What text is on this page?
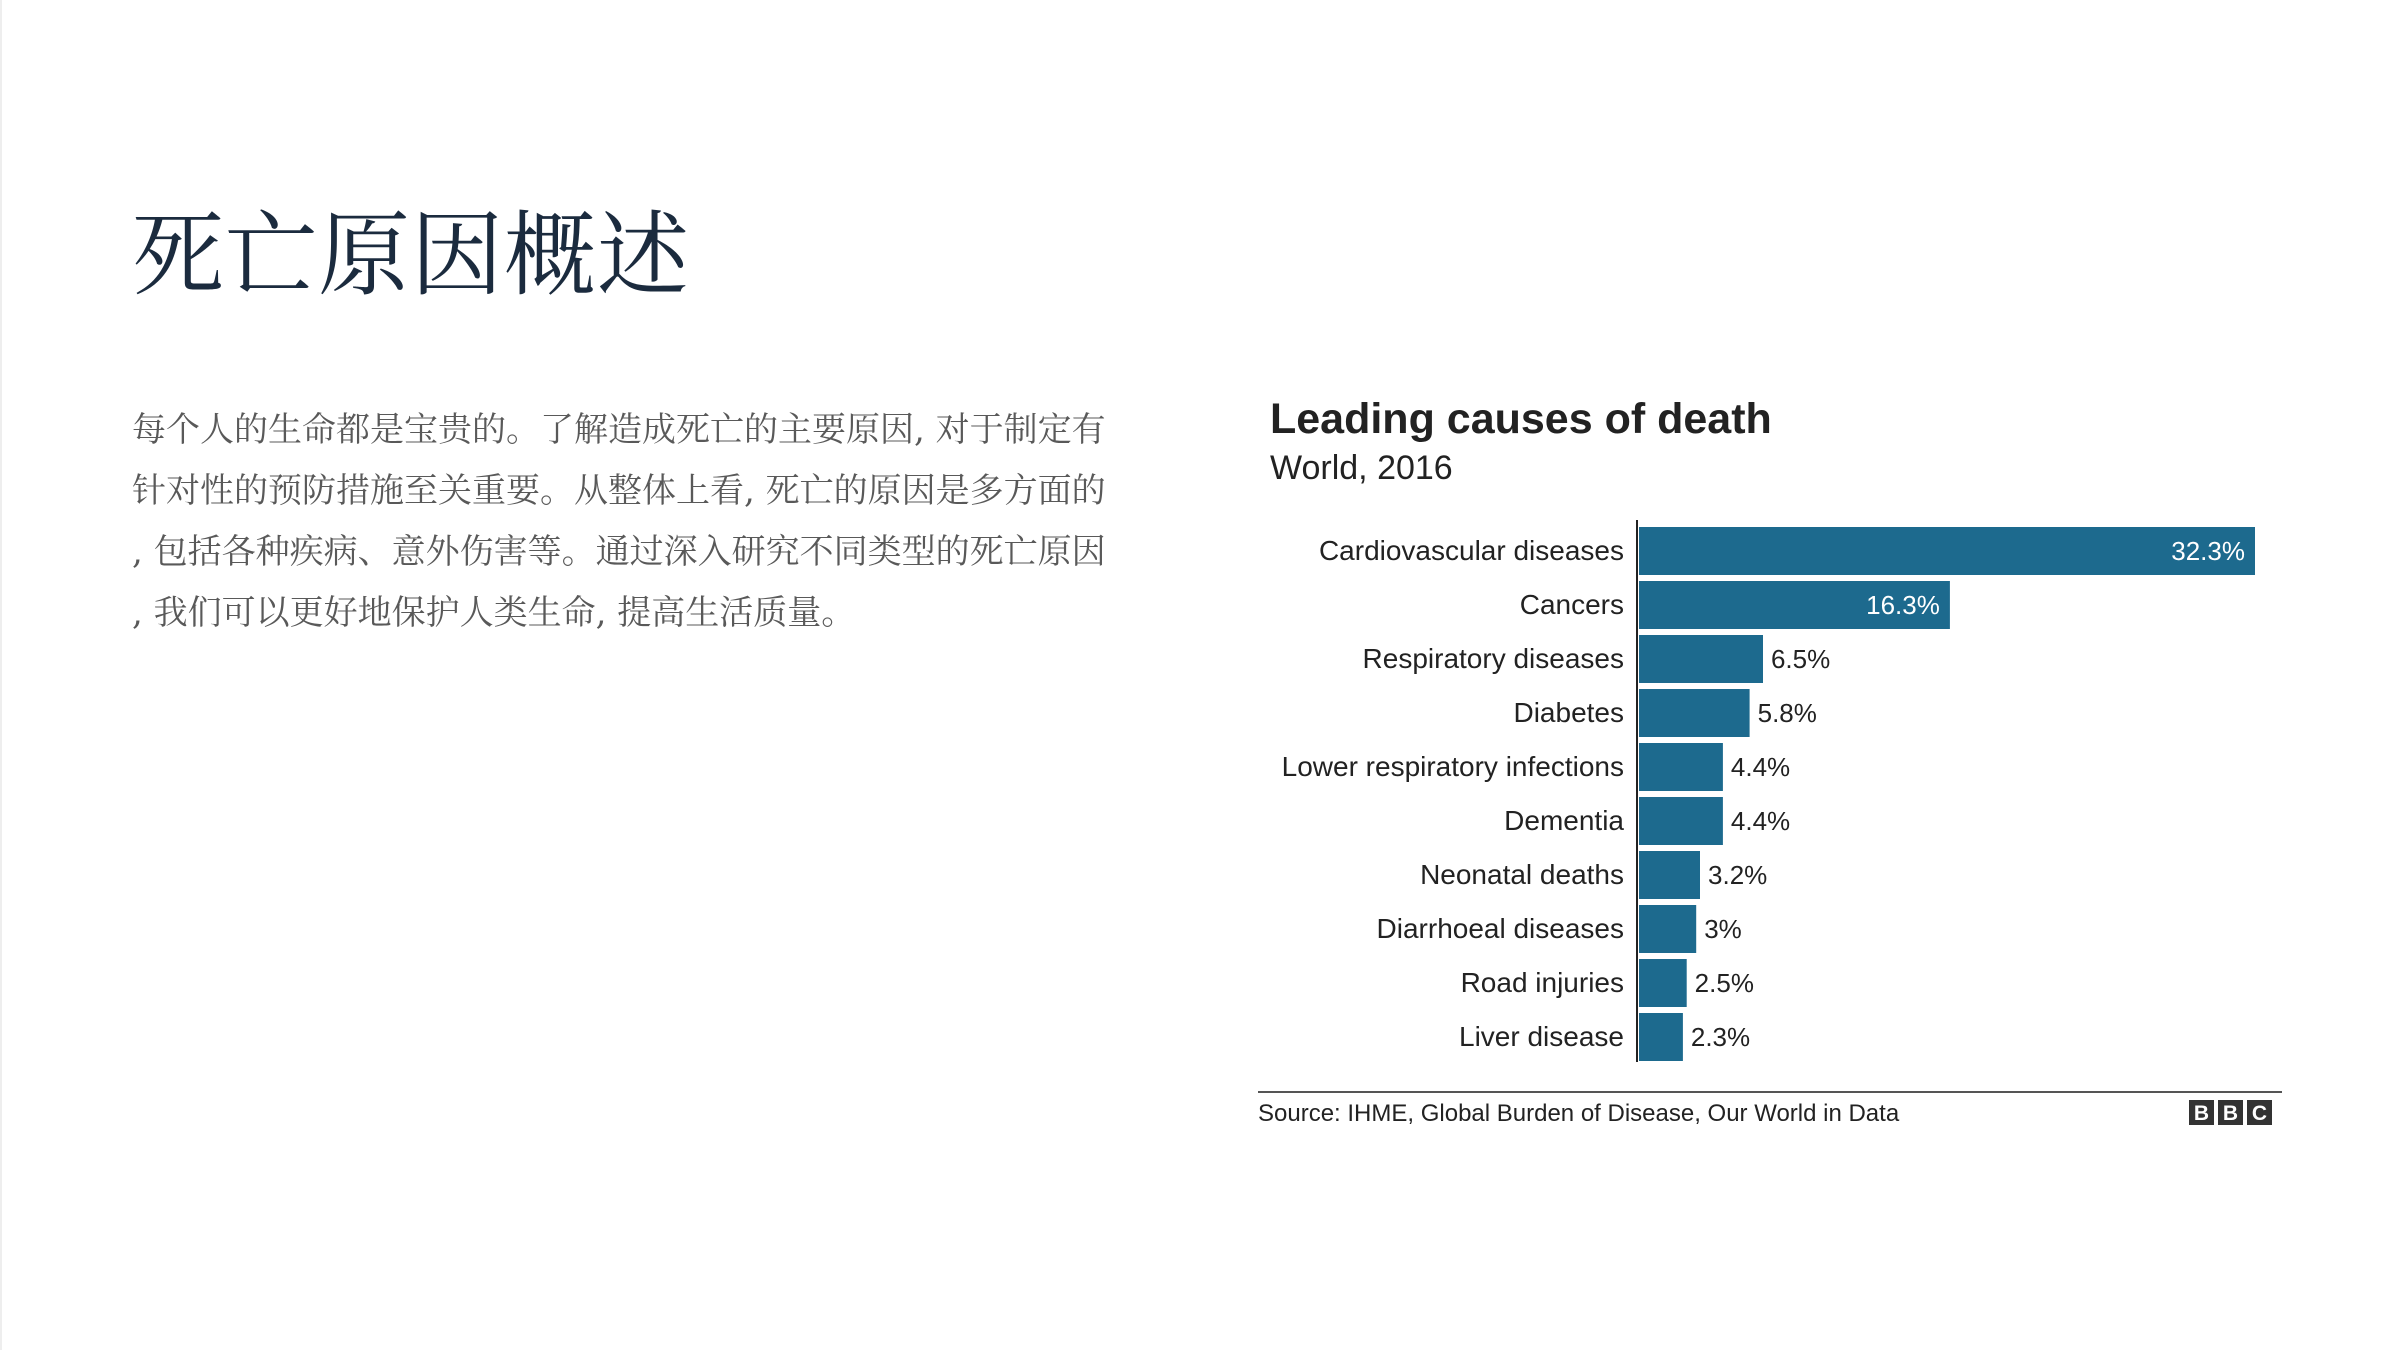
死亡原因概述

每个人的生命都是宝贵的。了解造成死亡的主要原因, 对于制定有
针对性的预防措施至关重要。从整体上看, 死亡的原因是多方面的
, 包括各种疾病、意外伤害等。通过深入研究不同类型的死亡原因
, 我们可以更好地保护人类生命, 提高生活质量。

Leading causes of death
World, 2016
Cardiovascular diseases	32.3%
Cancers	16.3%
Respiratory diseases	6.5%
Diabetes	5.8%
Lower respiratory infections	4.4%
Dementia	4.4%
Neonatal deaths	3.2%
Diarrhoeal diseases	3%
Road injuries	2.5%
Liver disease	2.3%
Source: IHME, Global Burden of Disease, Our World in Data	B B C
